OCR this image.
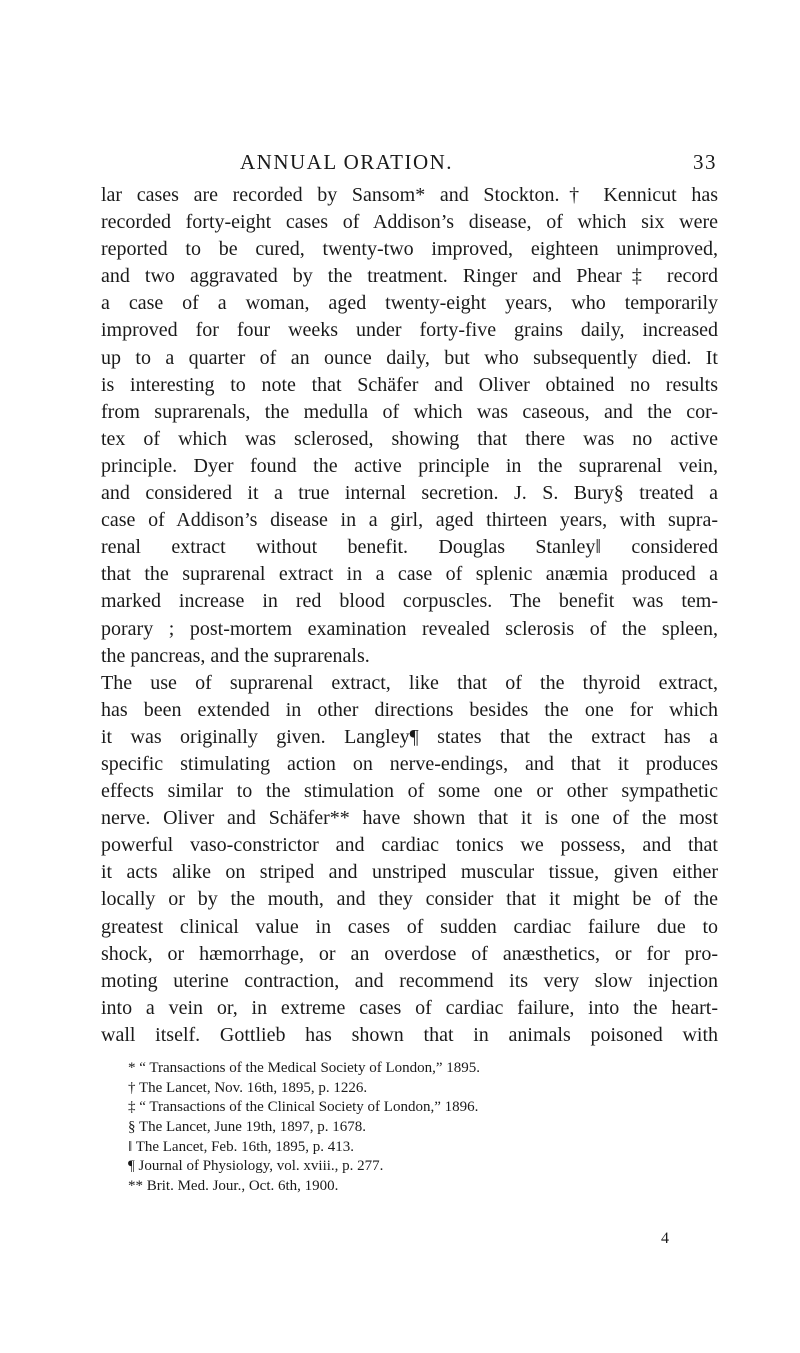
ANNUAL ORATION.	33
lar cases are recorded by Sansom* and Stockton.† Kennicut has
recorded forty-eight cases of Addison’s disease, of which six were
reported to be cured, twenty-two improved, eighteen unimproved,
and two aggravated by the treatment. Ringer and Phear‡ record
a case of a woman, aged twenty-eight years, who temporarily
improved for four weeks under forty-five grains daily, increased
up to a quarter of an ounce daily, but who subsequently died. It
is interesting to note that Schäfer and Oliver obtained no results
from suprarenals, the medulla of which was caseous, and the cor-
tex of which was sclerosed, showing that there was no active
principle. Dyer found the active principle in the suprarenal vein,
and considered it a true internal secretion. J. S. Bury§ treated a
case of Addison’s disease in a girl, aged thirteen years, with supra-
renal extract without benefit. Douglas Stanley‖ considered
that the suprarenal extract in a case of splenic anæmia produced a
marked increase in red blood corpuscles. The benefit was tem-
porary ; post-mortem examination revealed sclerosis of the spleen,
the pancreas, and the suprarenals.
The use of suprarenal extract, like that of the thyroid extract,
has been extended in other directions besides the one for which
it was originally given. Langley¶ states that the extract has a
specific stimulating action on nerve-endings, and that it produces
effects similar to the stimulation of some one or other sympathetic
nerve. Oliver and Schäfer** have shown that it is one of the most
powerful vaso-constrictor and cardiac tonics we possess, and that
it acts alike on striped and unstriped muscular tissue, given either
locally or by the mouth, and they consider that it might be of the
greatest clinical value in cases of sudden cardiac failure due to
shock, or hæmorrhage, or an overdose of anæsthetics, or for pro-
moting uterine contraction, and recommend its very slow injection
into a vein or, in extreme cases of cardiac failure, into the heart-
wall itself. Gottlieb has shown that in animals poisoned with
* “ Transactions of the Medical Society of London,” 1895.
† The Lancet, Nov. 16th, 1895, p. 1226.
‡ “ Transactions of the Clinical Society of London,” 1896.
§ The Lancet, June 19th, 1897, p. 1678.
‖ The Lancet, Feb. 16th, 1895, p. 413.
¶ Journal of Physiology, vol. xviii., p. 277.
** Brit. Med. Jour., Oct. 6th, 1900.
4
